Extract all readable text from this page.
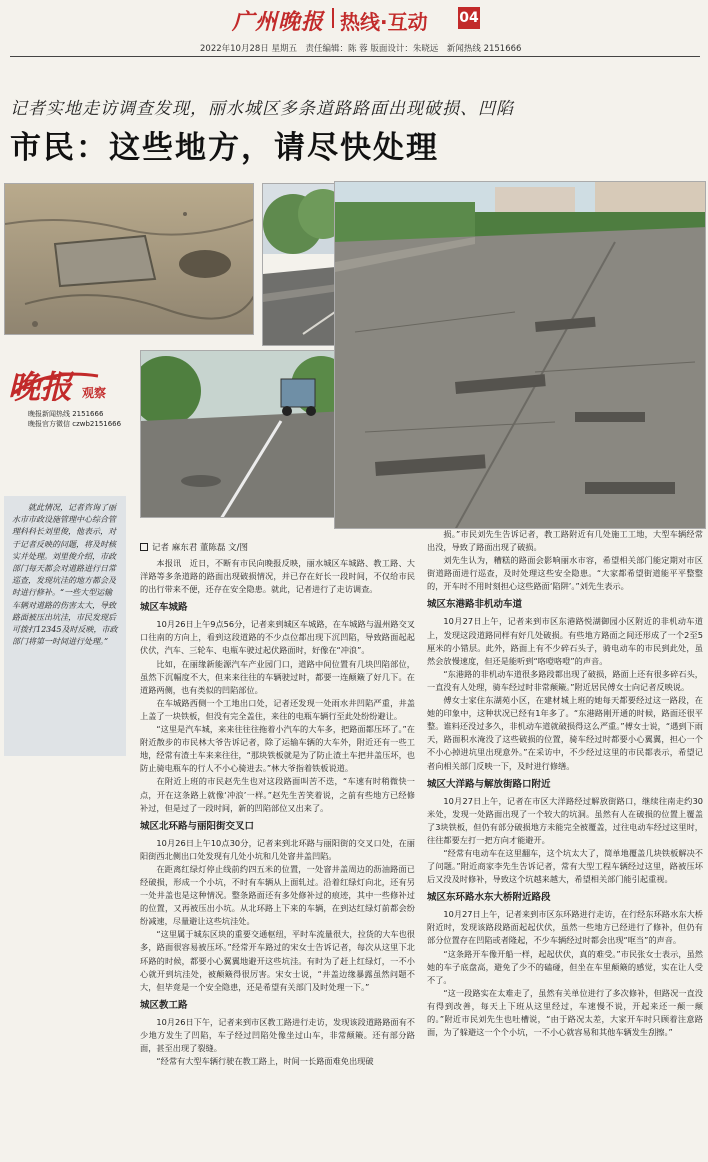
广州晚报 热线·互动 04
2022年10月28日 星期五　责任编辑：陈 蓉 版面设计：朱晓远　新闻热线 2151666
记者实地走访调查发现，丽水城区多条道路路面出现破损、凹陷
市民：这些地方，请尽快处理
晚报 观察
晚报新闻热线 2151666
晚报官方微信 czwb2151666
　　就此情况，记者咨询了丽水市市政设施管理中心综合管理科科长刘里俊，他表示，对于记者反映的问题，将及时核实并处理。刘里俊介绍，市政部门每天都会对道路进行日常巡查，发现坑洼的地方都会及时进行修补。“一些大型运输车辆对道路的伤害太大，导致路面被压出坑洼，市民发现后可拨打12345及时反映，市政部门将第一时间进行处理。”
记者 麻东君 董陈磊 文/图

本报讯　近日，不断有市民向晚报反映，丽水城区车城路、教工路、大洋路等多条道路的路面出现破损情况，并已存在好长一段时间，不仅给市民的出行带来不便，还存在安全隐患。就此，记者进行了走访调查。

城区车城路

10月26日上午9点56分，记者来到城区车城路，在车城路与温州路交叉口往南的方向上，看到这段道路的不少点位都出现下沉凹陷，导致路面起起伏伏，汽车、三轮车、电瓶车驶过起伏路面时，好像在“冲浪”。

比如，在丽缘新能源汽车产业园门口，道路中间位置有几块凹陷部位，虽然下沉幅度不大，但来来往往的车辆驶过时，都要一连颠簸了好几下。在道路两侧，也有类似的凹陷部位。

在车城路西侧一个工地出口处，记者还发现一处雨水井凹陷严重，井盖上盖了一块铁板，但没有完全盖住，来往的电瓶车辆行至此处纷纷避让。

“这里是汽车城，来来往往往拖着小汽车的大车多，把路面都压坏了。”在附近散步的市民林大爷告诉记者，除了运输车辆的大车外，附近还有一些工地，经常有渣土车来来往往，“那块铁板就是为了防止渣土车把井盖压坏，也防止骑电瓶车的行人不小心骑进去。”林大爷指着铁板说道。

在附近上班的市民赵先生也对这段路面叫苦不迭，“车速有时稍微快一点，开在这条路上就像‘冲浪’一样。”赵先生苦笑着说，之前有些地方已经修补过，但是过了一段时间，新的凹陷部位又出来了。

城区北环路与丽阳街交叉口

10月26日上午10点30分，记者来到北环路与丽阳街的交叉口处，在丽阳街西北侧出口处发现有几处小坑和几处窨井盖凹陷。

在距离红绿灯停止线前约四五米的位置，一处窨井盖周边的沥油路面已经破损，形成一个小坑，不时有车辆从上面轧过。沿着红绿灯向北，还有另一处井盖也是这种情况。整条路面还有多处修补过的痕迹，其中一些修补过的位置，又再被压出小坑。从北环路上下来的车辆，在到达红绿灯前都会纷纷减速，尽量避让这些坑洼处。

“这里属于城东区块的重要交通枢纽，平时车流量很大，拉货的大车也很多，路面很容易被压坏。”经常开车路过的宋女士告诉记者，每次从这里下北环路的时候，都要小心翼翼地避开这些坑洼。有时为了赶上红绿灯，一不小心就开到坑洼处，被颠簸得很厉害。宋女士说，“井盖边缘暴露虽然问题不大，但毕竟是一个安全隐患，还是希望有关部门及时处理一下。”

城区教工路

10月26日下午，记者来到市区教工路进行走访，发现该段道路路面有不少地方发生了凹陷，车子经过凹陷处像坐过山车，非常颠簸。还有部分路面，甚至出现了裂缝。

“经常有大型车辆行驶在教工路上，时间一长路面难免出现破

损。”市民刘先生告诉记者，教工路附近有几处施工工地，大型车辆经常出没，导致了路面出现了破损。

刘先生认为，糟糕的路面会影响丽水市容，希望相关部门能定期对市区街道路面进行巡查，及时处理这些安全隐患。“大家都希望街道能平平整整的，开车时不用时刻担心这些路面‘陷阱’。”刘先生表示。

城区东港路非机动车道

10月27日上午，记者来到市区东港路悦湖御园小区附近的非机动车道上，发现这段道路同样有好几处破损。有些地方路面之间还形成了一个2至5厘米的小错层。此外，路面上有不少碎石头子，骑电动车的市民到此处，虽然会放慢速度，但还是能听到“咯噔咯噔”的声音。

“东港路的非机动车道很多路段都出现了破损，路面上还有很多碎石头，一直没有人处理，骑车经过时非常颠簸。”附近居民傅女士向记者反映说。

傅女士家住东湖苑小区，在建材城上班的她每天都要经过这一路段，在她的印象中，这种状况已经有1年多了。“东港路刚开通的时候，路面还很平整。谁料还没过多久，非机动车道就破损得这么严重。”傅女士说，“遇到下雨天，路面积水淹没了这些破损的位置，骑车经过时都要小心翼翼，担心一个不小心掉进坑里出现意外。”在采访中，不少经过这里的市民都表示，希望记者向相关部门反映一下，及时进行修缮。

城区大洋路与解放街路口附近

10月27日上午，记者在市区大洋路经过解放街路口，继续往南走约30米处，发现一处路面出现了一个较大的坑洞。虽然有人在破损的位置上覆盖了3块铁板，但仍有部分破损地方未能完全被覆盖，过往电动车经过这里时，往往都要左打一把方向才能避开。

“经常有电动车在这里翻车，这个坑太大了，简单地覆盖几块铁板解决不了问题。”附近商家李先生告诉记者，常有大型工程车辆经过这里，路被压坏后又没及时修补，导致这个坑越来越大，希望相关部门能引起重视。

城区东环路水东大桥附近路段

10月27日上午，记者来到市区东环路进行走访，在行经东环路水东大桥附近时，发现该路段路面起起伏伏，虽然一些地方已经进行了修补，但仍有部分位置存在凹陷或者隆起，不少车辆经过时都会出现“哐当”的声音。

“这条路开车像开船一样，起起伏伏，真的难受。”市民张女士表示，虽然她的车子底盘高，避免了少不的磕碰，但坐在车里颠簸的感觉，实在让人受不了。

“这一段路实在太难走了，虽然有关单位进行了多次修补，但路况一直没有得到改善，每天上下班从这里经过，车速慢不说，开起来还一颠一颠的。”附近市民刘先生也吐槽说，“由于路况太差，大家开车时只顾着注意路面，为了躲避这一个个小坑，一不小心就容易和其他车辆发生刮擦。”
